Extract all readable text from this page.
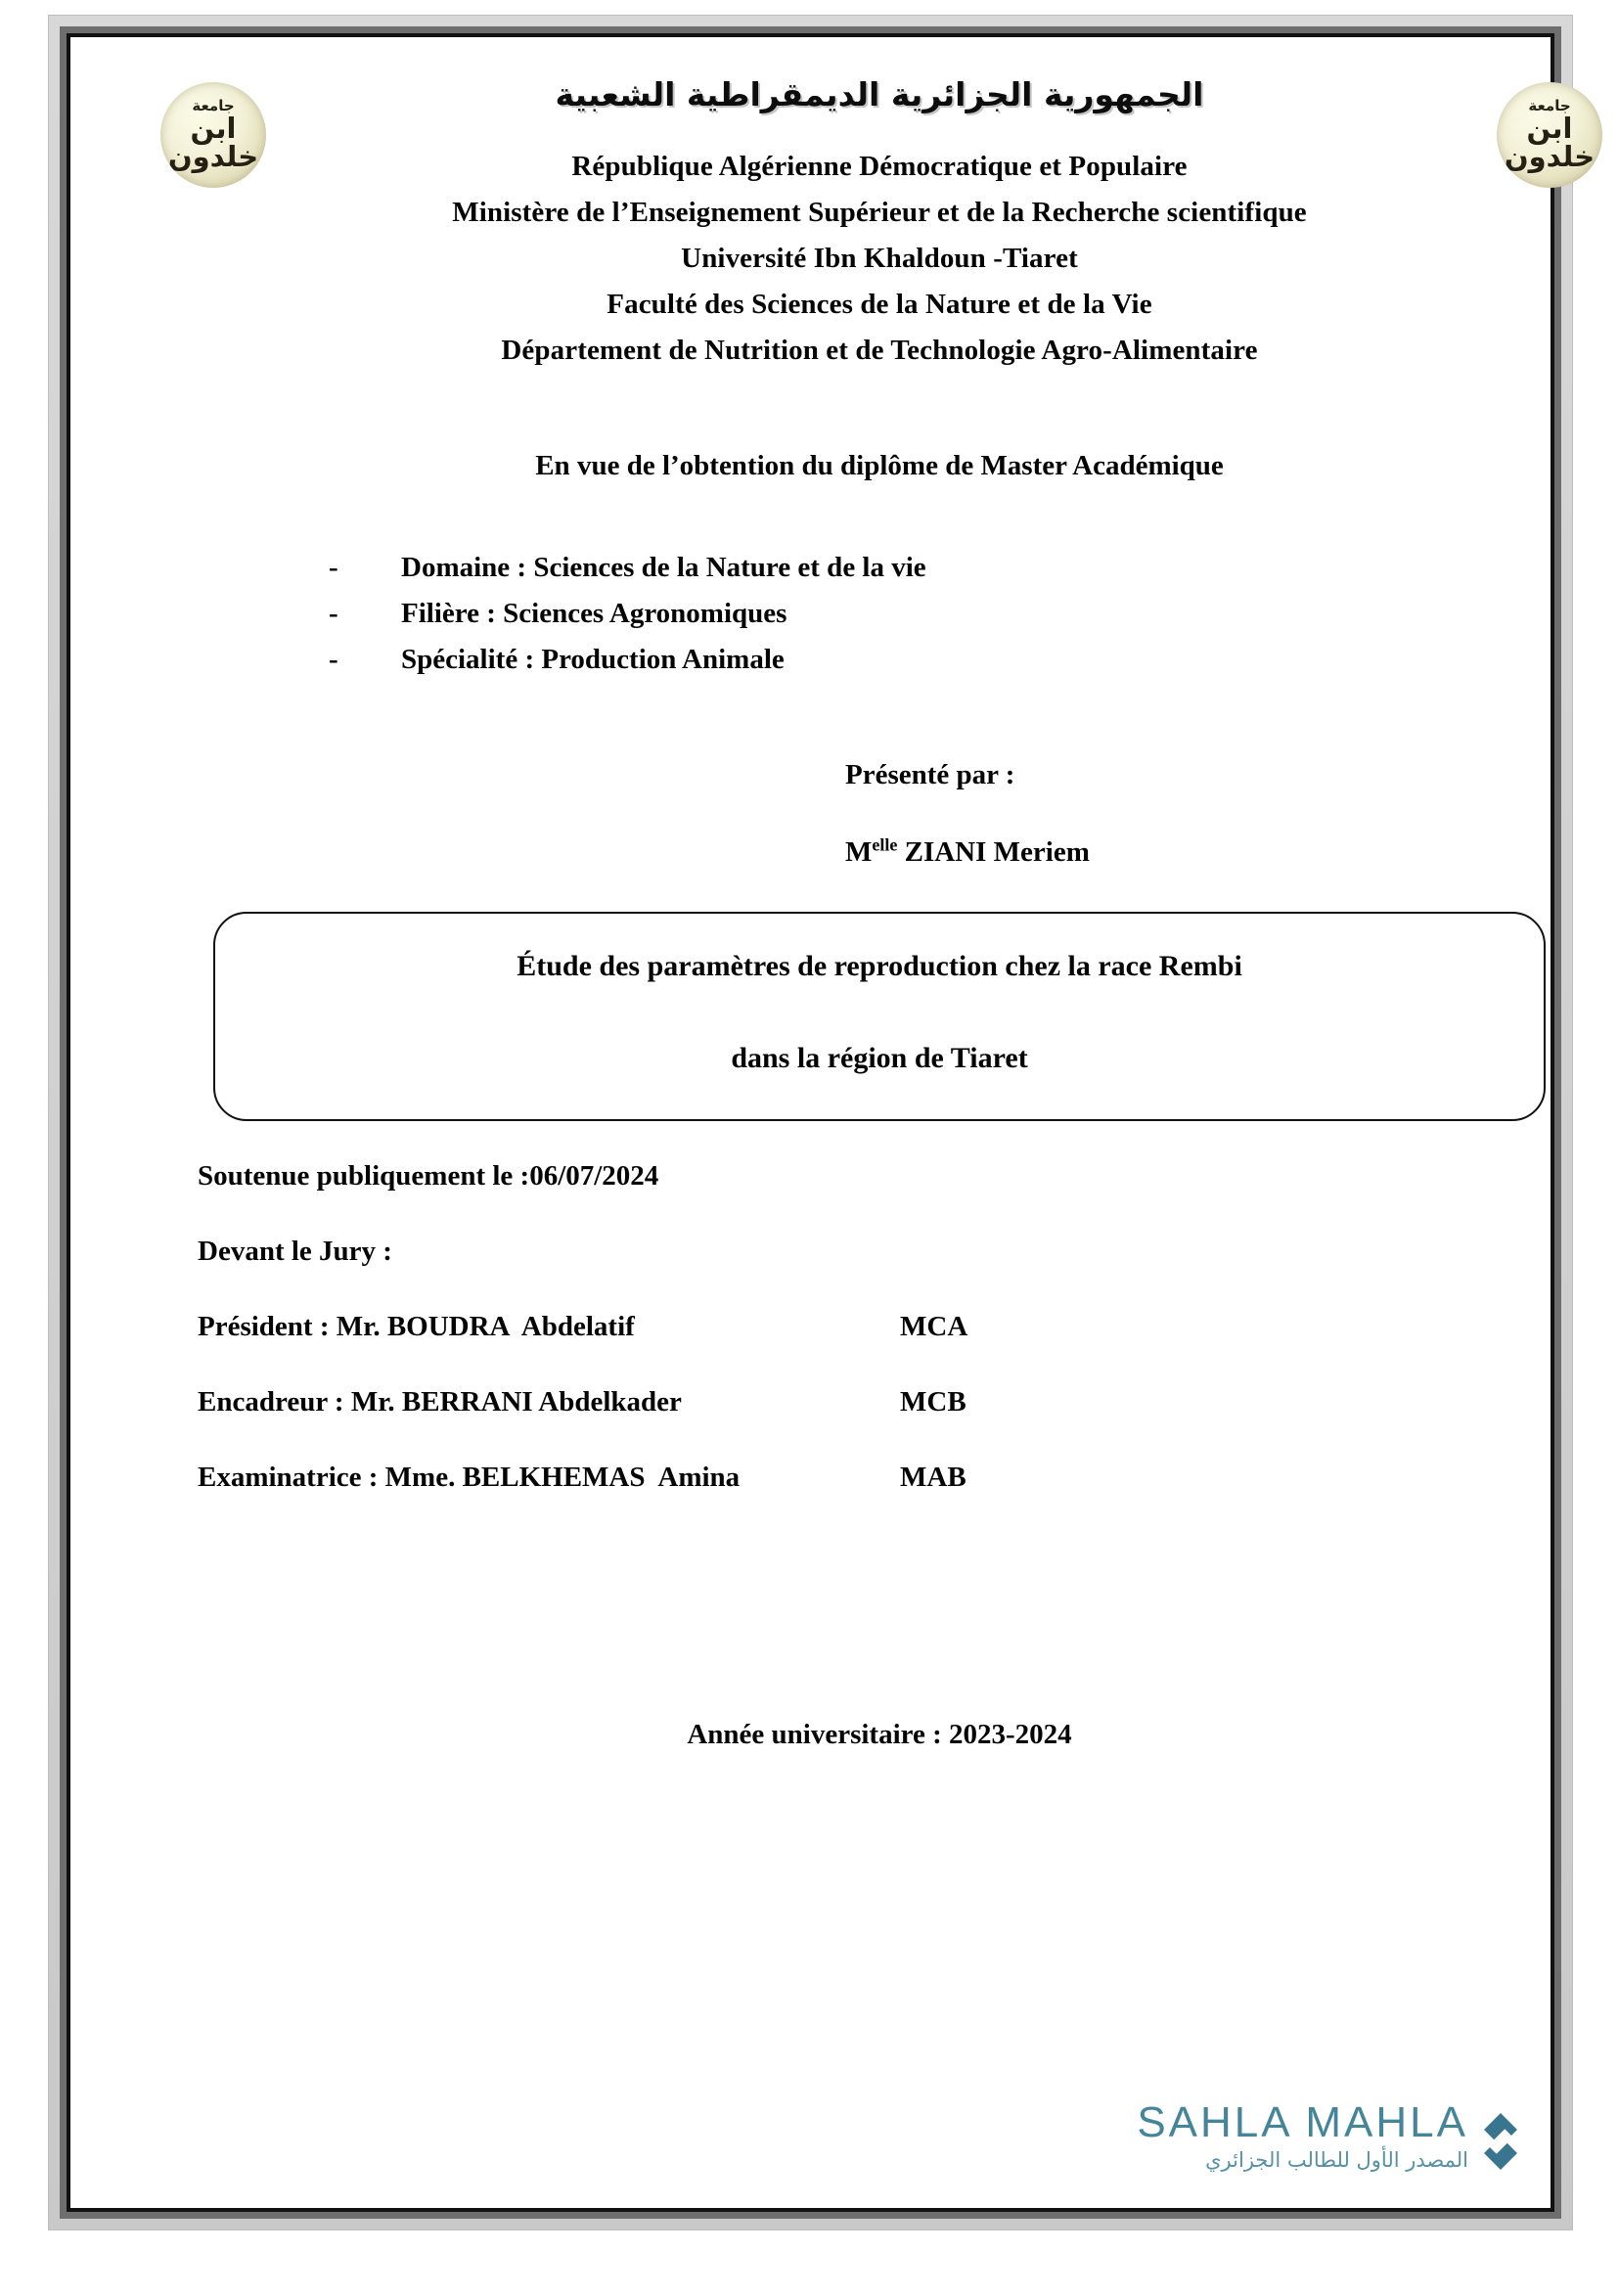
جامعة
ابن خلدون
جامعة
ابن خلدون
الجمهورية الجزائرية الديمقراطية الشعبية
République Algérienne Démocratique et Populaire
Ministère de l’Enseignement Supérieur et de la Recherche scientifique
Université Ibn Khaldoun -Tiaret
Faculté des Sciences de la Nature et de la Vie
Département de Nutrition et de Technologie Agro-Alimentaire
En vue de l’obtention du diplôme de Master Académique
- Domaine : Sciences de la Nature et de la vie
- Filière : Sciences Agronomiques
- Spécialité : Production Animale
Présenté par :
$M^{elle}$ ZIANI Meriem
Étude des paramètres de reproduction chez la race Rembi
dans la région de Tiaret
Soutenue publiquement le :06/07/2024
Devant le Jury :
Président : Mr. BOUDRA  Abdelatif	MCA
Encadreur : Mr. BERRANI Abdelkader	MCB
Examinatrice : Mme. BELKHEMAS  Amina	MAB
Année universitaire : 2023-2024
SAHLA MAHLA
المصدر الأول للطالب الجزائري
